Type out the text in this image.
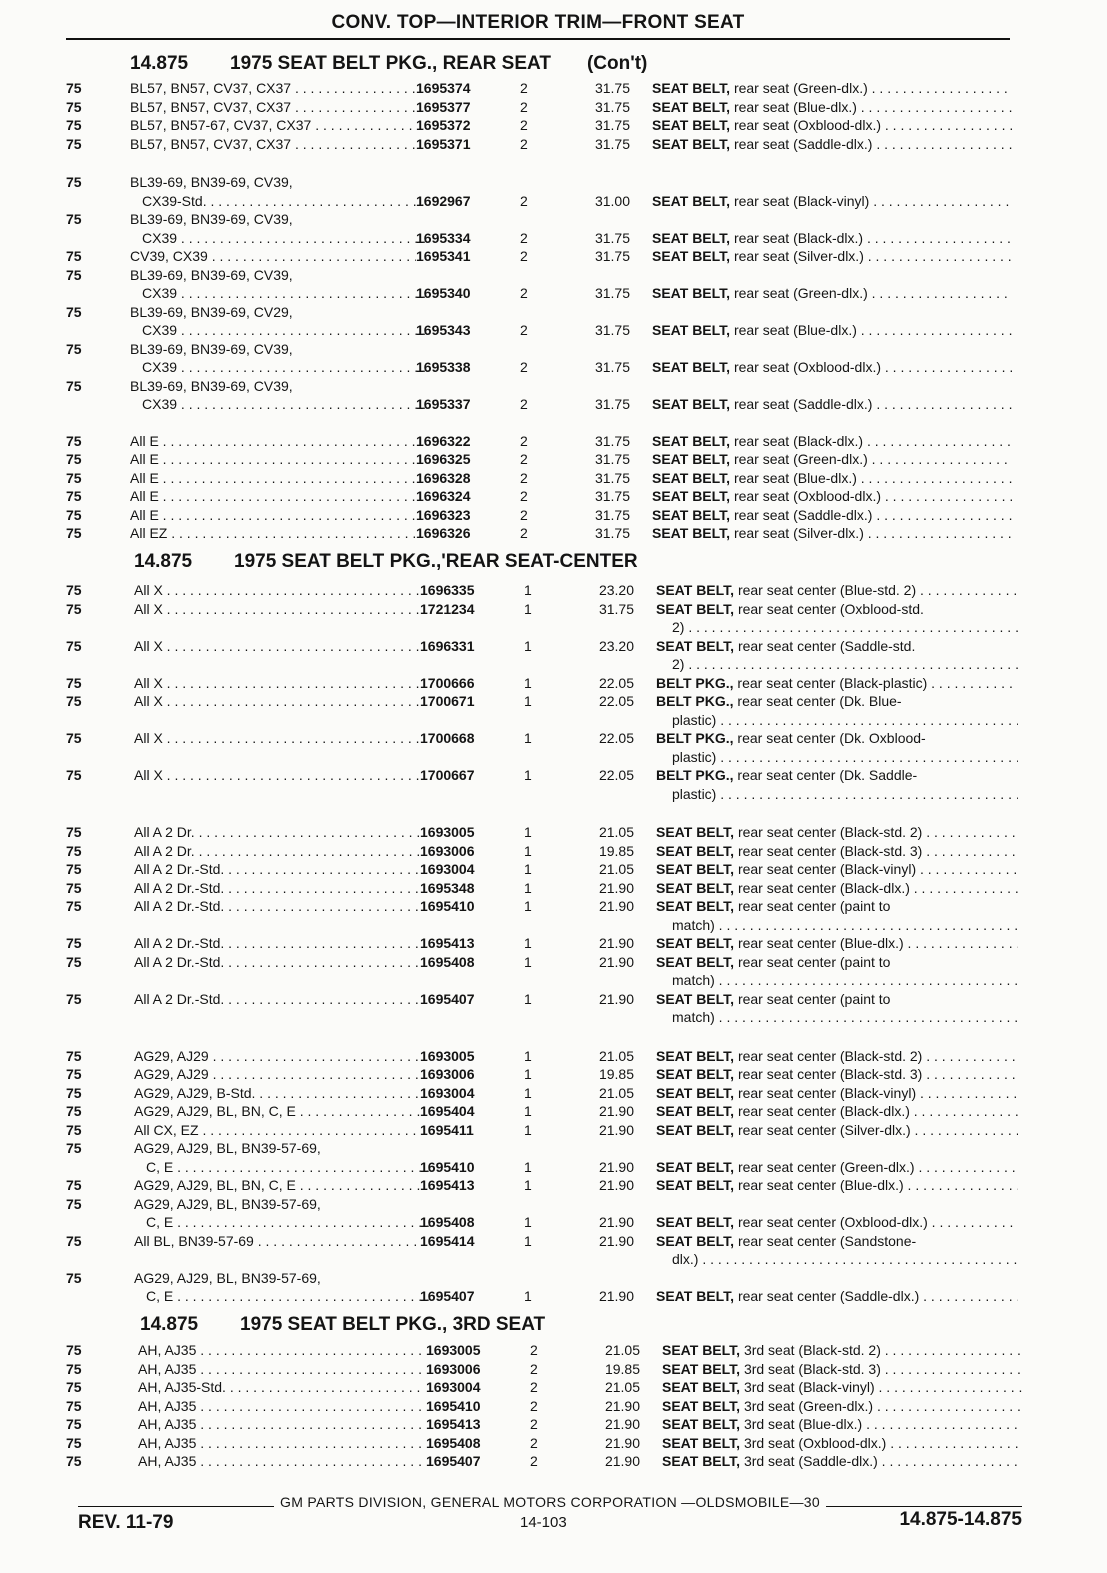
CONV. TOP—INTERIOR TRIM—FRONT SEAT
14.875 1975 SEAT BELT PKG., REAR SEAT (Con't)
75	BL57, BN57, CV37, CX37 . . .	1695374	2	31.75 SEAT BELT, rear seat (Green-dlx.) . . .
75	BL57, BN57, CV37, CX37 . . .	1695377	2	31.75 SEAT BELT, rear seat (Blue-dlx.) . . .
75	BL57, BN57-67, CV37, CX37 . . .	1695372	2	31.75 SEAT BELT, rear seat (Oxblood-dlx.) . . .
75	BL57, BN57, CV37, CX37 . . .	1695371	2	31.75 SEAT BELT, rear seat (Saddle-dlx.) . . .
75	BL39-69, BN39-69, CV39,
CX39-Std. . . .	1692967	2	31.00 SEAT BELT, rear seat (Black-vinyl) . . .
75	BL39-69, BN39-69, CV39,
CX39 . . .	1695334	2	31.75 SEAT BELT, rear seat (Black-dlx.) . . .
75	CV39, CX39 . . .	1695341	2	31.75 SEAT BELT, rear seat (Silver-dlx.) . . .
75	BL39-69, BN39-69, CV39,
CX39 . . .	1695340	2	31.75 SEAT BELT, rear seat (Green-dlx.) . . .
75	BL39-69, BN39-69, CV29,
CX39 . . .	1695343	2	31.75 SEAT BELT, rear seat (Blue-dlx.) . . .
75	BL39-69, BN39-69, CV39,
CX39 . . .	1695338	2	31.75 SEAT BELT, rear seat (Oxblood-dlx.) . . .
75	BL39-69, BN39-69, CV39,
CX39 . . .	1695337	2	31.75 SEAT BELT, rear seat (Saddle-dlx.) . . .
75	All E . . .	1696322	2	31.75 SEAT BELT, rear seat (Black-dlx.) . . .
75	All E . . .	1696325	2	31.75 SEAT BELT, rear seat (Green-dlx.) . . .
75	All E . . .	1696328	2	31.75 SEAT BELT, rear seat (Blue-dlx.) . . .
75	All E . . .	1696324	2	31.75 SEAT BELT, rear seat (Oxblood-dlx.) . . .
75	All E . . .	1696323	2	31.75 SEAT BELT, rear seat (Saddle-dlx.) . . .
75	All EZ . . .	1696326	2	31.75 SEAT BELT, rear seat (Silver-dlx.) . . .
14.875 1975 SEAT BELT PKG.,'REAR SEAT-CENTER
75	All X . . .	1696335	1	23.20 SEAT BELT, rear seat center (Blue-std. 2) . . .
75	All X . . .	1721234	1	31.75 SEAT BELT, rear seat center (Oxblood-std.
2) . . .
75	All X . . .	1696331	1	23.20 SEAT BELT, rear seat center (Saddle-std.
2) . . .
75	All X . . .	1700666	1	22.05 BELT PKG., rear seat center (Black-plastic) . . .
75	All X . . .	1700671	1	22.05 BELT PKG., rear seat center (Dk. Blue-
plastic) . . .
75	All X . . .	1700668	1	22.05 BELT PKG., rear seat center (Dk. Oxblood-
plastic) . . .
75	All X . . .	1700667	1	22.05 BELT PKG., rear seat center (Dk. Saddle-
plastic) . . .
75	All A 2 Dr. . . .	1693005	1	21.05 SEAT BELT, rear seat center (Black-std. 2) . . .
75	All A 2 Dr. . . .	1693006	1	19.85 SEAT BELT, rear seat center (Black-std. 3) . . .
75	All A 2 Dr.-Std. . . .	1693004	1	21.05 SEAT BELT, rear seat center (Black-vinyl) . . .
75	All A 2 Dr.-Std. . . .	1695348	1	21.90 SEAT BELT, rear seat center (Black-dlx.) . . .
75	All A 2 Dr.-Std. . . .	1695410	1	21.90 SEAT BELT, rear seat center (paint to
match) . . .
75	All A 2 Dr.-Std. . . .	1695413	1	21.90 SEAT BELT, rear seat center (Blue-dlx.) . . .
75	All A 2 Dr.-Std. . . .	1695408	1	21.90 SEAT BELT, rear seat center (paint to
match) . . .
75	All A 2 Dr.-Std. . . .	1695407	1	21.90 SEAT BELT, rear seat center (paint to
match) . . .
75	AG29, AJ29 . . .	1693005	1	21.05 SEAT BELT, rear seat center (Black-std. 2) . . .
75	AG29, AJ29 . . .	1693006	1	19.85 SEAT BELT, rear seat center (Black-std. 3) . . .
75	AG29, AJ29, B-Std. . . .	1693004	1	21.05 SEAT BELT, rear seat center (Black-vinyl) . . .
75	AG29, AJ29, BL, BN, C, E . . .	1695404	1	21.90 SEAT BELT, rear seat center (Black-dlx.) . . .
75	All CX, EZ . . .	1695411	1	21.90 SEAT BELT, rear seat center (Silver-dlx.) . . .
75	AG29, AJ29, BL, BN39-57-69,
C, E . . .	1695410	1	21.90 SEAT BELT, rear seat center (Green-dlx.) . . .
75	AG29, AJ29, BL, BN, C, E . . .	1695413	1	21.90 SEAT BELT, rear seat center (Blue-dlx.) . . .
75	AG29, AJ29, BL, BN39-57-69,
C, E . . .	1695408	1	21.90 SEAT BELT, rear seat center (Oxblood-dlx.) . . .
75	All BL, BN39-57-69 . . .	1695414	1	21.90 SEAT BELT, rear seat center (Sandstone-
dlx.) . . .
75	AG29, AJ29, BL, BN39-57-69,
C, E . . .	1695407	1	21.90 SEAT BELT, rear seat center (Saddle-dlx.) . . .
14.875 1975 SEAT BELT PKG., 3RD SEAT
75	AH, AJ35 . . .	1693005	2	21.05 SEAT BELT, 3rd seat (Black-std. 2) . . .
75	AH, AJ35 . . .	1693006	2	19.85 SEAT BELT, 3rd seat (Black-std. 3) . . .
75	AH, AJ35-Std. . . .	1693004	2	21.05 SEAT BELT, 3rd seat (Black-vinyl) . . .
75	AH, AJ35 . . .	1695410	2	21.90 SEAT BELT, 3rd seat (Green-dlx.) . . .
75	AH, AJ35 . . .	1695413	2	21.90 SEAT BELT, 3rd seat (Blue-dlx.) . . .
75	AH, AJ35 . . .	1695408	2	21.90 SEAT BELT, 3rd seat (Oxblood-dlx.) . . .
75	AH, AJ35 . . .	1695407	2	21.90 SEAT BELT, 3rd seat (Saddle-dlx.) . . .
GM PARTS DIVISION, GENERAL MOTORS CORPORATION —OLDSMOBILE—30
REV. 11-79	14-103	14.875-14.875
